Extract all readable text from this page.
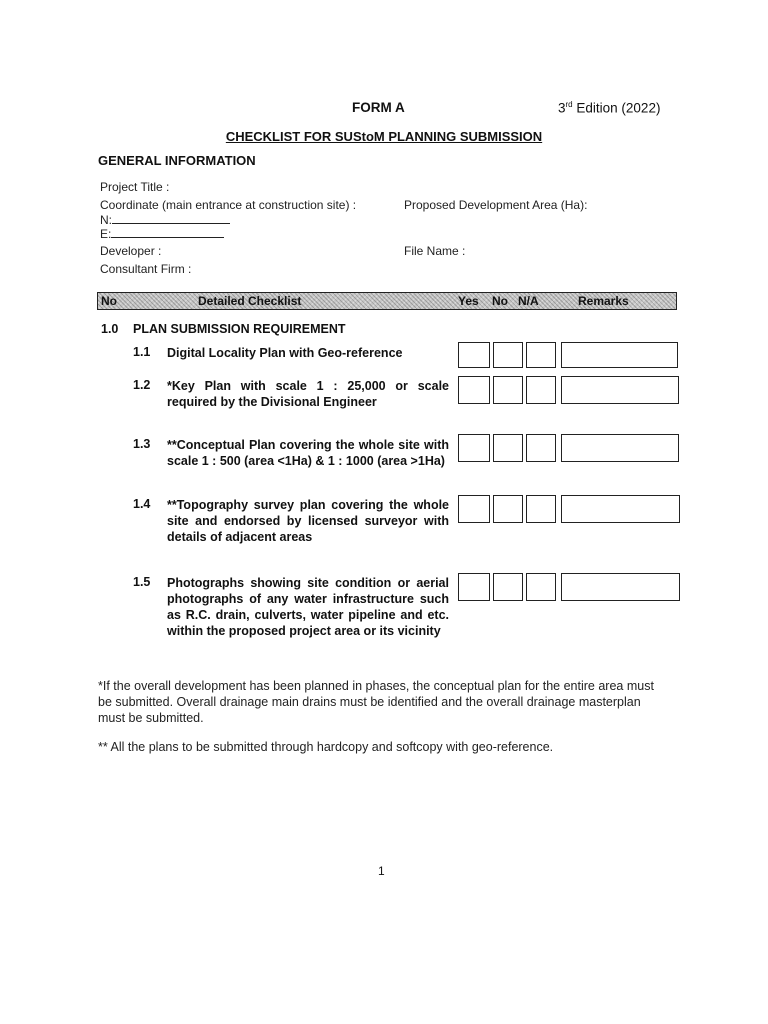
FORM A	3rd Edition (2022)
CHECKLIST FOR SUStoM PLANNING SUBMISSION
GENERAL INFORMATION
Project Title :
Coordinate (main entrance at construction site) :	Proposed Development Area (Ha):
N:
E:
Developer :	File Name :
Consultant Firm :
No	Detailed Checklist	Yes No N/A	Remarks
1.0 PLAN SUBMISSION REQUIREMENT
1.1 Digital Locality Plan with Geo-reference
1.2 *Key Plan with scale 1 : 25,000 or scale required by the Divisional Engineer
1.3 **Conceptual Plan covering the whole site with scale 1 : 500 (area <1Ha) & 1 : 1000 (area >1Ha)
1.4 **Topography survey plan covering the whole site and endorsed by licensed surveyor with details of adjacent areas
1.5 Photographs showing site condition or aerial photographs of any water infrastructure such as R.C. drain, culverts, water pipeline and etc. within the proposed project area or its vicinity
*If the overall development has been planned in phases, the conceptual plan for the entire area must be submitted. Overall drainage main drains must be identified and the overall drainage masterplan must be submitted.
** All the plans to be submitted through hardcopy and softcopy with geo-reference.
1
